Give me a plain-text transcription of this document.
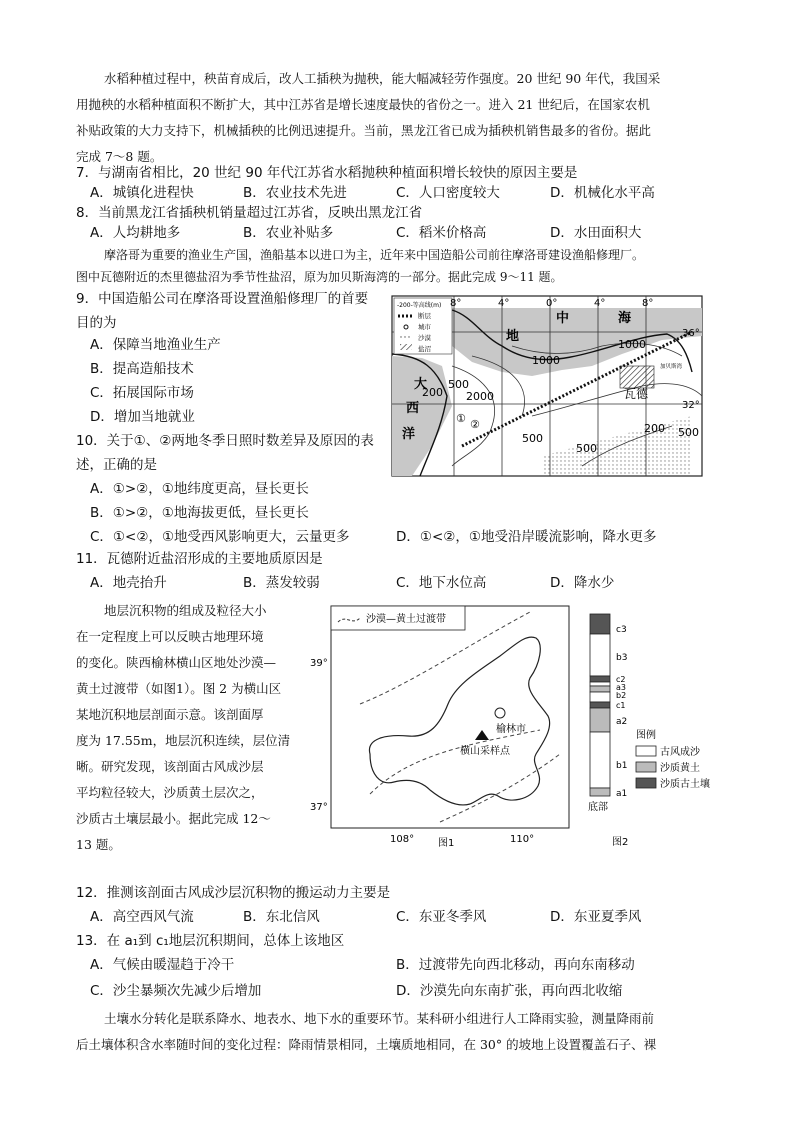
水稻种植过程中，秧苗育成后，改人工插秧为抛秧，能大幅减轻劳作强度。20 世纪 90 年代，我国采
用抛秧的水稻种植面积不断扩大，其中江苏省是增长速度最快的省份之一。进入 21 世纪后，在国家农机
补贴政策的大力支持下，机械插秧的比例迅速提升。当前，黑龙江省已成为插秧机销售最多的省份。据此
完成 7～8 题。
7．与湖南省相比，20 世纪 90 年代江苏省水稻抛秧种植面积增长较快的原因主要是
A．城镇化进程快	B．农业技术先进	C．人口密度较大	D．机械化水平高
8．当前黑龙江省插秧机销量超过江苏省，反映出黑龙江省
A．人均耕地多	B．农业补贴多	C．稻米价格高	D．水田面积大
摩洛哥为重要的渔业生产国，渔船基本以进口为主，近年来中国造船公司前往摩洛哥建设渔船修理厂。
图中瓦德附近的杰里德盐沼为季节性盐沼，原为加贝斯海湾的一部分。据此完成 9～11 题。
9．中国造船公司在摩洛哥设置渔船修理厂的首要
目的为
A．保障当地渔业生产
B．提高造船技术
C．拓展国际市场
D．增加当地就业
10．关于①、②两地冬季日照时数差异及原因的表
述，正确的是
A．①>②，①地纬度更高，昼长更长
B．①>②，①地海拔更低，昼长更长
C．①<②，①地受西风影响更大，云量更多	D．①<②，①地受沿岸暖流影响，降水更多
11．瓦德附近盐沼形成的主要地质原因是
A．地壳抬升	B．蒸发较弱	C．地下水位高	D．降水少
-200-等高线(m)
断层
城市
沙漠
盐沼
8°	4°	0°	4°	8°
36°
32°
中	海
地
大
西
洋
瓦德
加贝斯湾
1000
1000
500
2000
200
500
200
500
500
① ②
地层沉积物的组成及粒径大小
在一定程度上可以反映古地理环境
的变化。陕西榆林横山区地处沙漠—
黄土过渡带（如图1）。图 2 为横山区
某地沉积地层剖面示意。该剖面厚
度为 17.55m，地层沉积连续，层位清
晰。研究发现，该剖面古风成沙层
平均粒径较大，沙质黄土层次之，
沙质古土壤层最小。据此完成 12～
13 题。
沙漠—黄土过渡带
榆林市
横山采样点
39°
37°
108°	110°
图1
c3
b3
c2
a3
b2
c1
a2
b1
a1
底部
图例
古风成沙
沙质黄土
沙质古土壤
图2
12．推测该剖面古风成沙层沉积物的搬运动力主要是
A．高空西风气流	B．东北信风	C．东亚冬季风	D．东亚夏季风
13．在 a₁到 c₁地层沉积期间，总体上该地区
A．气候由暖湿趋于冷干	B．过渡带先向西北移动，再向东南移动
C．沙尘暴频次先减少后增加	D．沙漠先向东南扩张，再向西北收缩
土壤水分转化是联系降水、地表水、地下水的重要环节。某科研小组进行人工降雨实验，测量降雨前
后土壤体积含水率随时间的变化过程：降雨情景相同，土壤质地相同，在 30° 的坡地上设置覆盖石子、裸
